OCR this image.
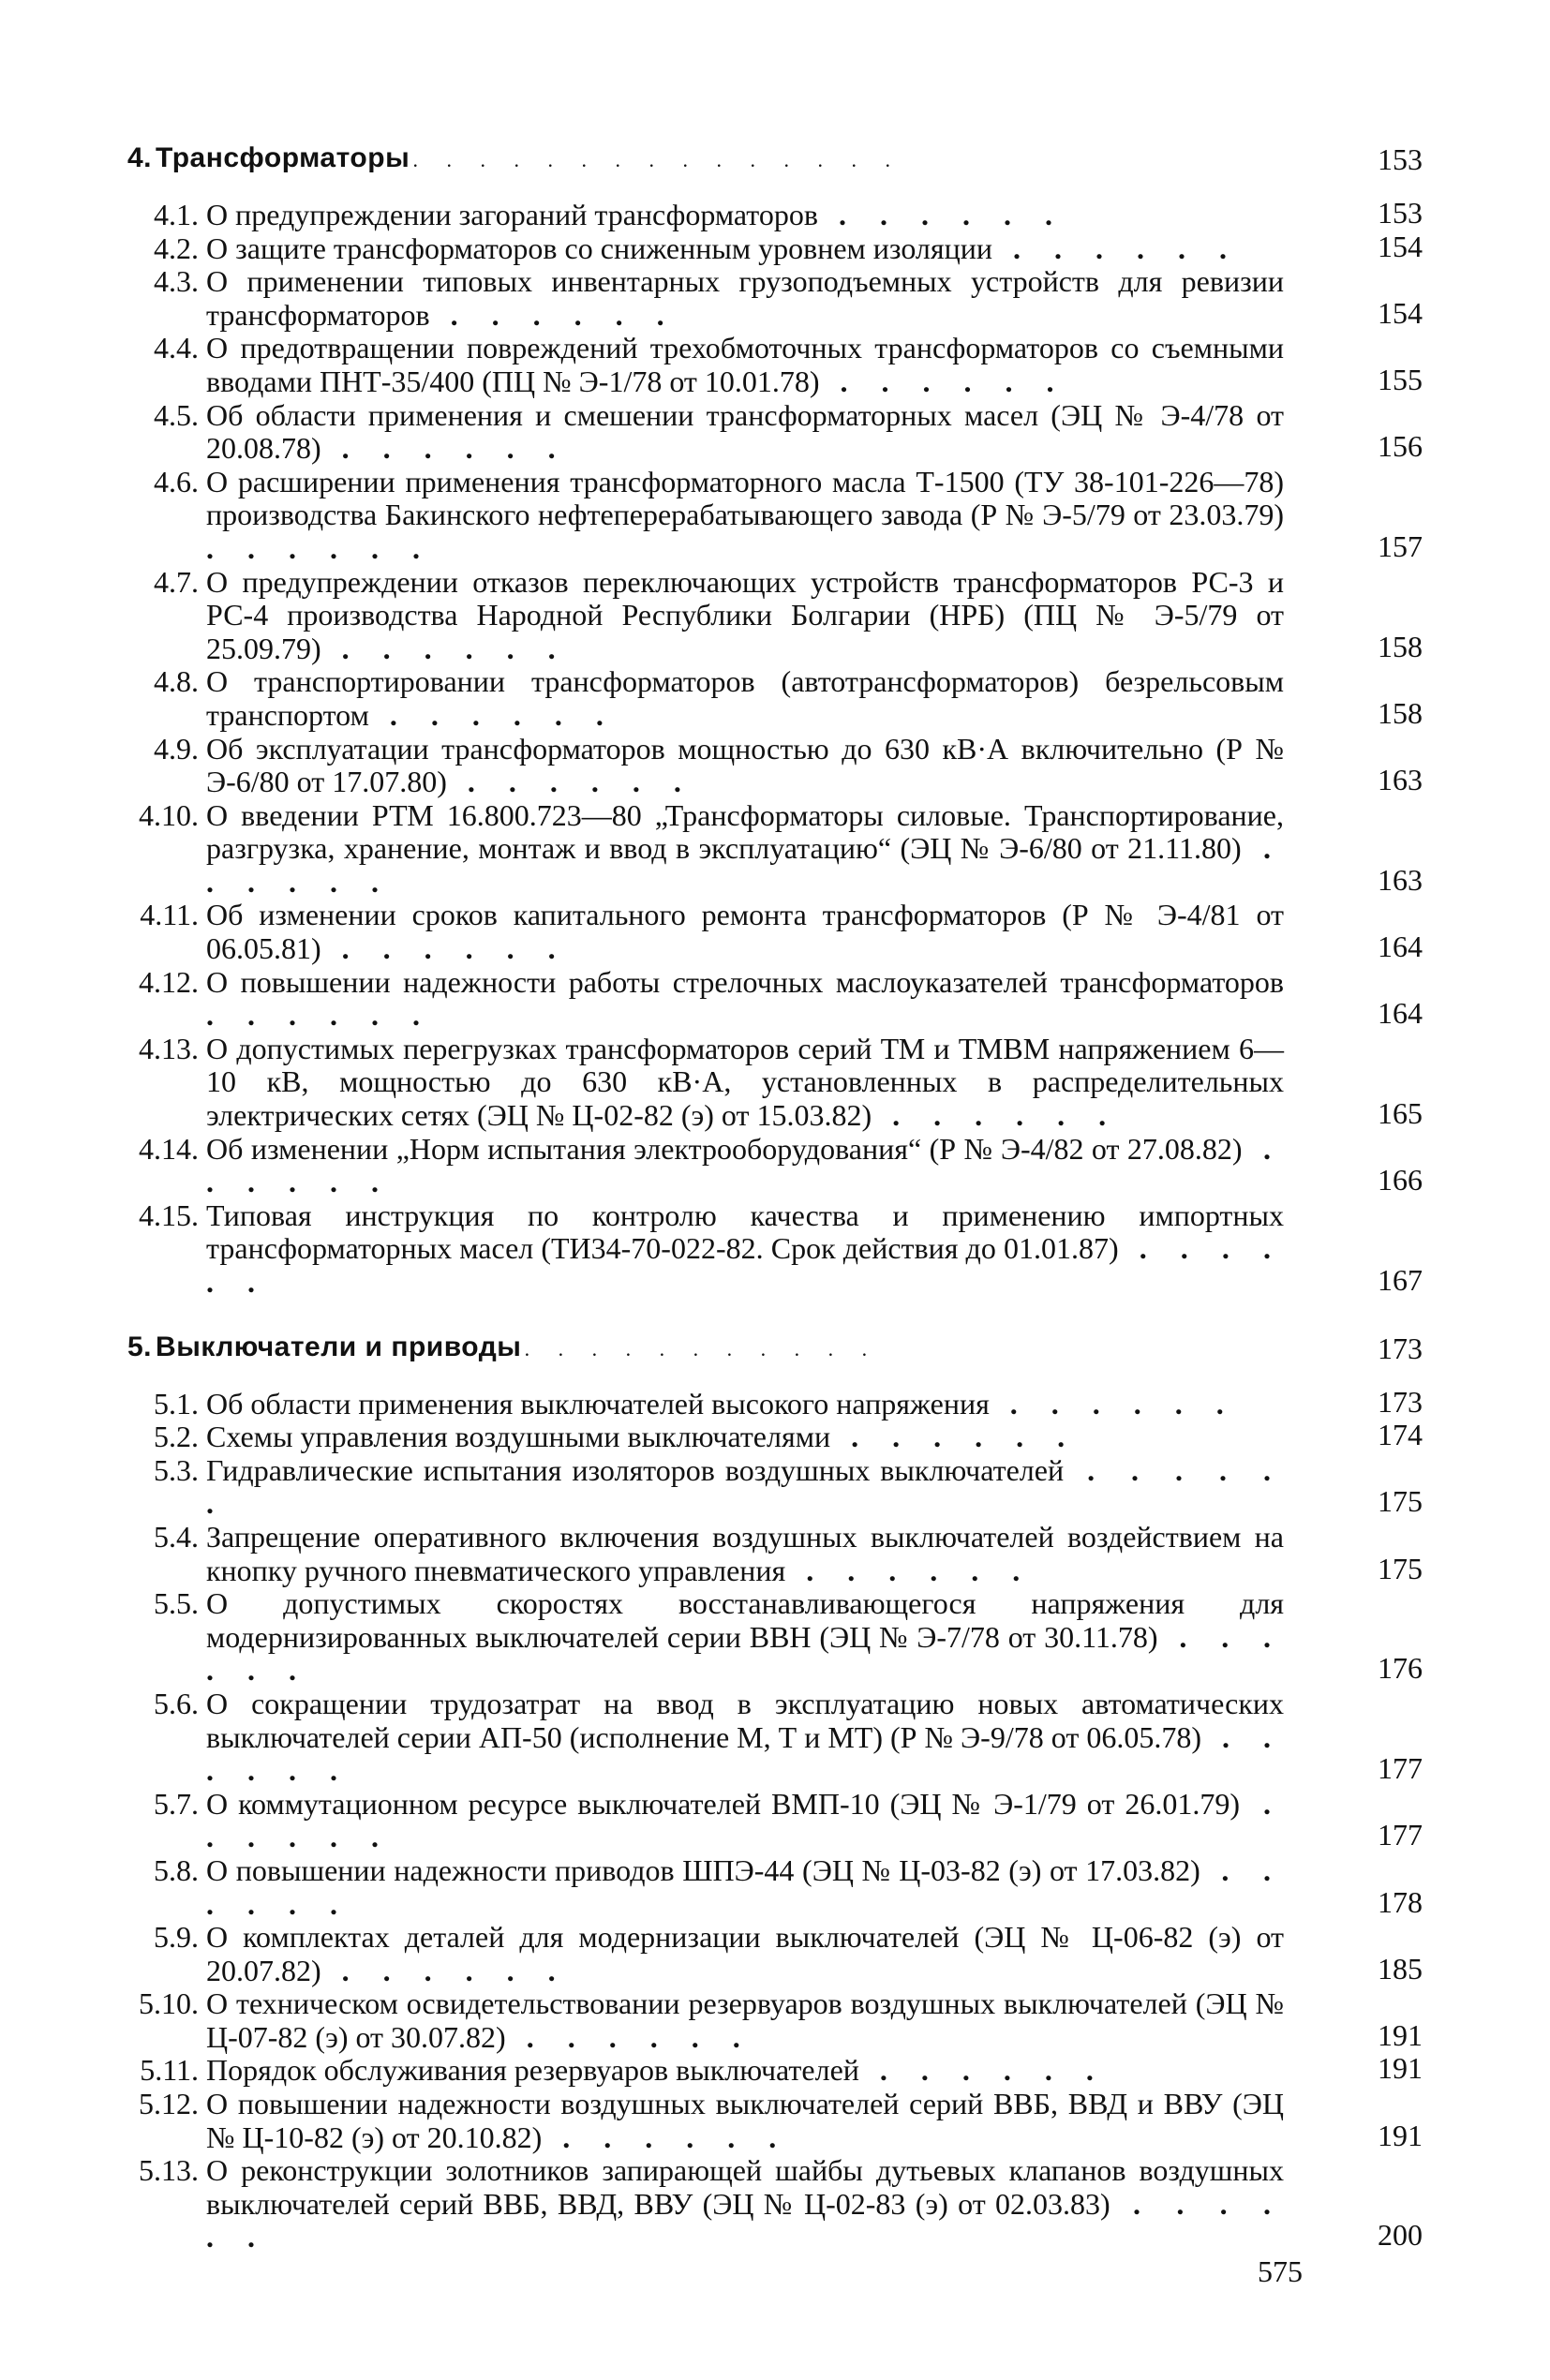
4. Трансформаторы . . . . . . . . . . . . . . .	153
4.1. О предупреждении загораний трансформаторов . . . . . .	153
4.2. О защите трансформаторов со сниженным уровнем изоляции . . . . . .	154
4.3. О применении типовых инвентарных грузоподъемных устройств для ревизии трансформаторов . . . . . .	154
4.4. О предотвращении повреждений трехобмоточных трансформаторов со съемными вводами ПНТ-35/400 (ПЦ № Э-1/78 от 10.01.78) . . . . . .	155
4.5. Об области применения и смешении трансформаторных масел (ЭЦ № Э-4/78 от 20.08.78) . . . . . .	156
4.6. О расширении применения трансформаторного масла Т-1500 (ТУ 38-101-226—78) производства Бакинского нефтеперерабатывающего завода (Р № Э-5/79 от 23.03.79) . . . . . .	157
4.7. О предупреждении отказов переключающих устройств трансформаторов РС-3 и РС-4 производства Народной Республики Болгарии (НРБ) (ПЦ № Э-5/79 от 25.09.79) . . . . . .	158
4.8. О транспортировании трансформаторов (автотрансформаторов) безрельсовым транспортом . . . . . .	158
4.9. Об эксплуатации трансформаторов мощностью до 630 кВ·А включительно (Р № Э-6/80 от 17.07.80) . . . . . .	163
4.10. О введении РТМ 16.800.723—80 „Трансформаторы силовые. Транспортирование, разгрузка, хранение, монтаж и ввод в эксплуатацию“ (ЭЦ № Э-6/80 от 21.11.80) . . . . . .	163
4.11. Об изменении сроков капитального ремонта трансформаторов (Р № Э-4/81 от 06.05.81) . . . . . .	164
4.12. О повышении надежности работы стрелочных маслоуказателей трансформаторов . . . . . .	164
4.13. О допустимых перегрузках трансформаторов серий ТМ и ТМВМ напряжением 6—10 кВ, мощностью до 630 кВ·А, установленных в распределительных электрических сетях (ЭЦ № Ц-02-82 (э) от 15.03.82) . . . . . .	165
4.14. Об изменении „Норм испытания электрооборудования“ (Р № Э-4/82 от 27.08.82) . . . . . .	166
4.15. Типовая инструкция по контролю качества и применению импортных трансформаторных масел (ТИ34-70-022-82. Срок действия до 01.01.87) . . . . . .	167
5. Выключатели и приводы . . . . . . . . . . .	173
5.1. Об области применения выключателей высокого напряжения . . . . . .	173
5.2. Схемы управления воздушными выключателями . . . . . .	174
5.3. Гидравлические испытания изоляторов воздушных выключателей . . . . . .	175
5.4. Запрещение оперативного включения воздушных выключателей воздействием на кнопку ручного пневматического управления . . . . . .	175
5.5. О допустимых скоростях восстанавливающегося напряжения для модернизированных выключателей серии ВВН (ЭЦ № Э-7/78 от 30.11.78) . . . . . .	176
5.6. О сокращении трудозатрат на ввод в эксплуатацию новых автоматических выключателей серии АП-50 (исполнение М, Т и МТ) (Р № Э-9/78 от 06.05.78) . . . . . .	177
5.7. О коммутационном ресурсе выключателей ВМП-10 (ЭЦ № Э-1/79 от 26.01.79) . . . . . .	177
5.8. О повышении надежности приводов ШПЭ-44 (ЭЦ № Ц-03-82 (э) от 17.03.82) . . . . . .	178
5.9. О комплектах деталей для модернизации выключателей (ЭЦ № Ц-06-82 (э) от 20.07.82) . . . . . .	185
5.10. О техническом освидетельствовании резервуаров воздушных выключателей (ЭЦ № Ц-07-82 (э) от 30.07.82) . . . . . .	191
5.11. Порядок обслуживания резервуаров выключателей . . . . . .	191
5.12. О повышении надежности воздушных выключателей серий ВВБ, ВВД и ВВУ (ЭЦ № Ц-10-82 (э) от 20.10.82) . . . . . .	191
5.13. О реконструкции золотников запирающей шайбы дутьевых клапанов воздушных выключателей серий ВВБ, ВВД, ВВУ (ЭЦ № Ц-02-83 (э) от 02.03.83) . . . . . .	200
575
